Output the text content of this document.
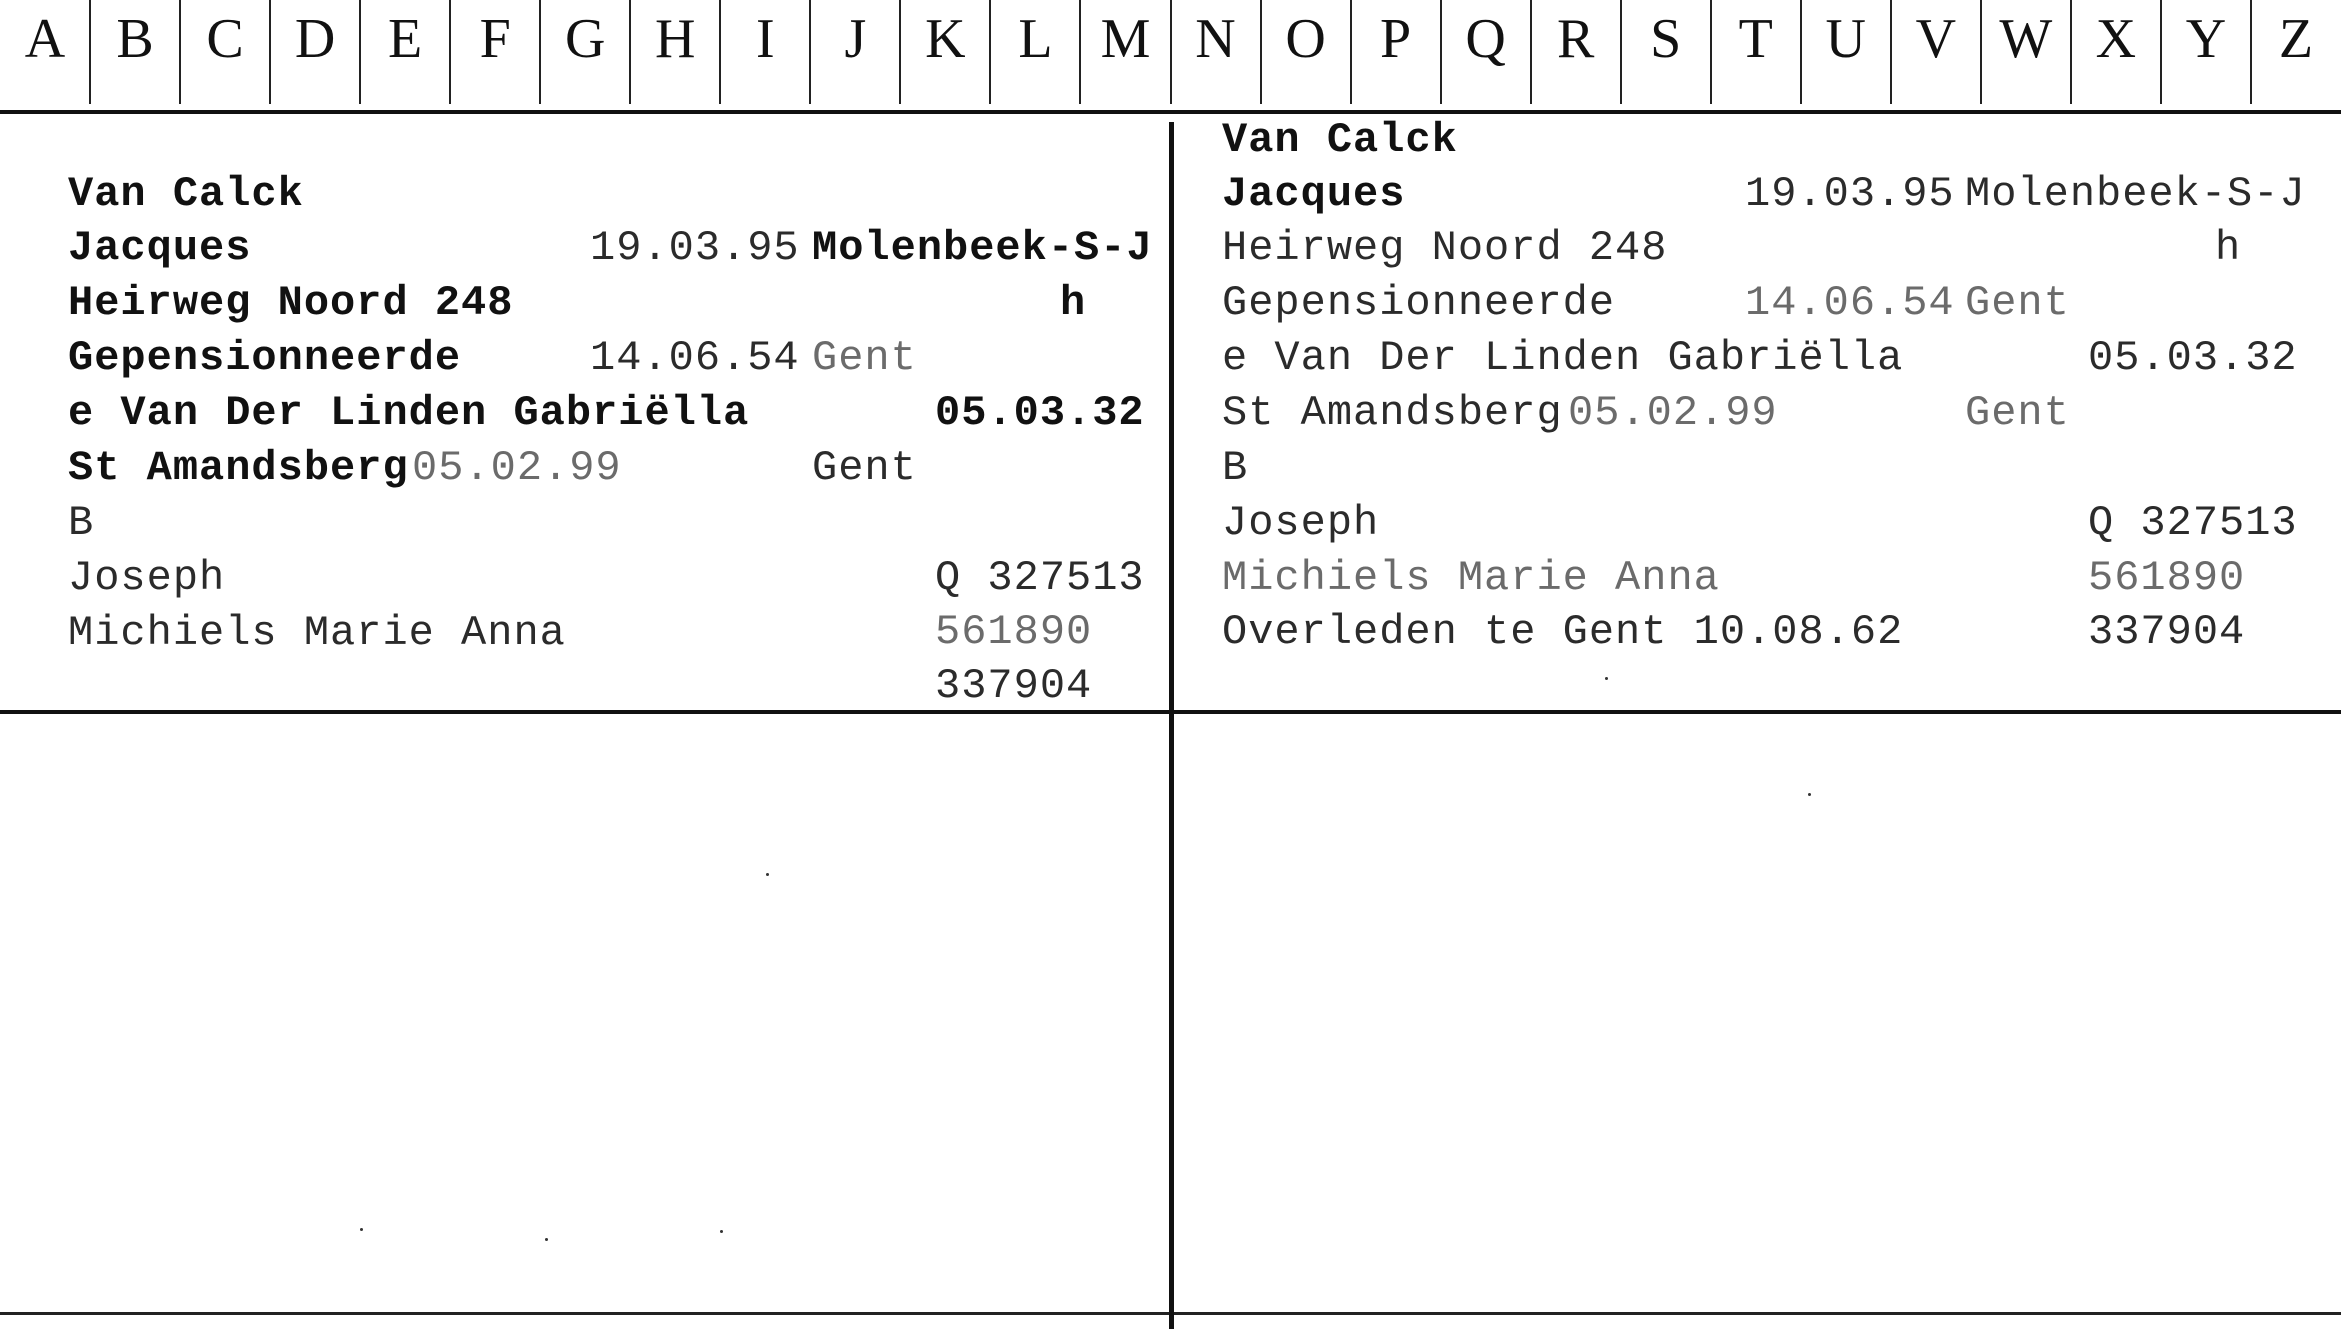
A B C D E	F G H	I	J	K L M N O P Q R S	T U V W X Y Z
Van Calck
Jacques	19.03.95 Molenbeek-S-J
Heirweg Noord 248	h
Gepensionneerde	14.06.54 Gent
e Van Der Linden Gabriëlla	05.03.32
St Amandsberg 05.02.99	Gent
B
Joseph	Q 327513
Michiels Marie Anna	561890
337904
Van Calck
Jacques	19.03.95 Molenbeek-S-J
Heirweg Noord 248	h
Gepensionneerde	14.06.54 Gent
e Van Der Linden Gabriëlla	05.03.32
St Amandsberg 05.02.99	Gent
B
Joseph	Q 327513
Michiels Marie Anna	561890
Overleden te Gent 10.08.62	337904
